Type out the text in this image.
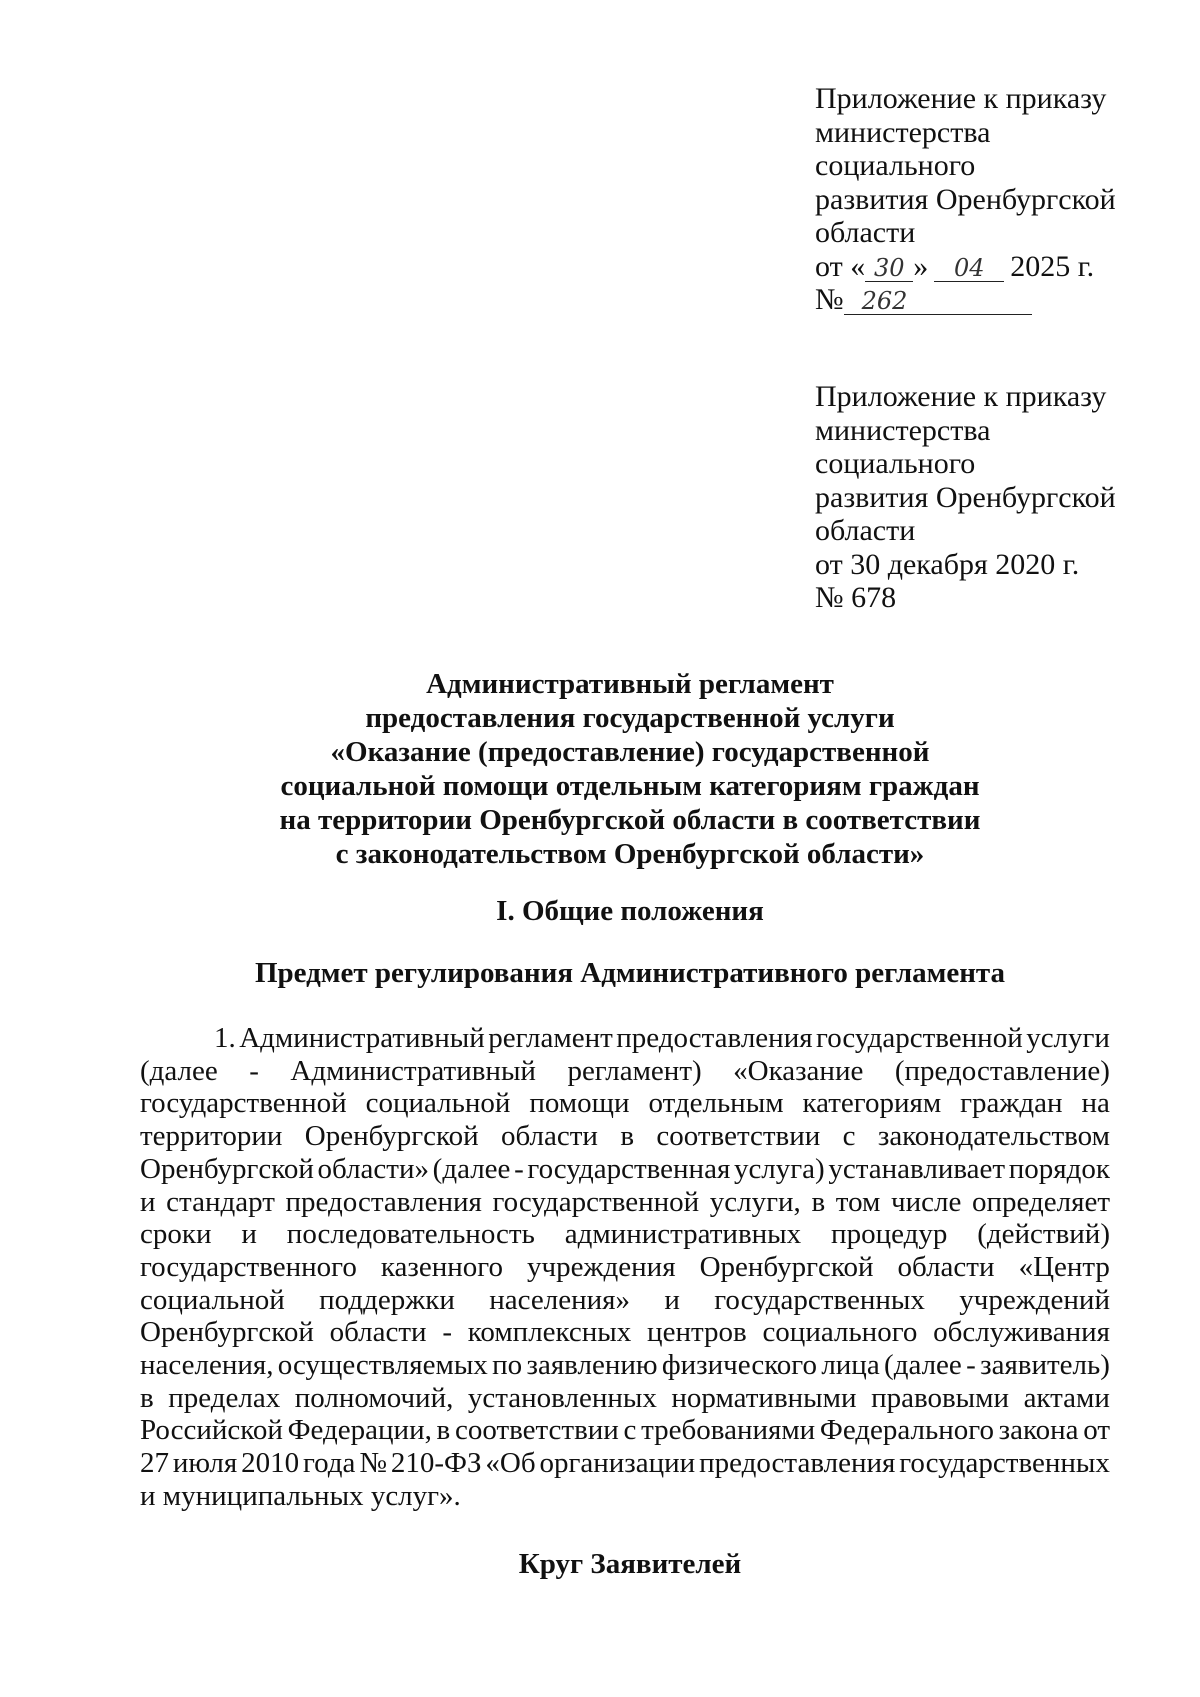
Приложение к приказу
министерства
социального
развития Оренбургской
области
от « 30 » 04 2025 г.
№ 262
Приложение к приказу
министерства
социального
развития Оренбургской
области
от 30 декабря 2020 г.
№ 678
Административный регламент
предоставления государственной услуги
«Оказание (предоставление) государственной
социальной помощи отдельным категориям граждан
на территории Оренбургской области в соответствии
с законодательством Оренбургской области»
I. Общие положения
Предмет регулирования Административного регламента
1. Административный регламент предоставления государственной услуги
(далее - Административный регламент) «Оказание (предоставление)
государственной социальной помощи отдельным категориям граждан на
территории Оренбургской области в соответствии с законодательством
Оренбургской области» (далее - государственная услуга) устанавливает порядок
и стандарт предоставления государственной услуги, в том числе определяет
сроки и последовательность административных процедур (действий)
государственного казенного учреждения Оренбургской области «Центр
социальной поддержки населения» и государственных учреждений
Оренбургской области - комплексных центров социального обслуживания
населения, осуществляемых по заявлению физического лица (далее - заявитель)
в пределах полномочий, установленных нормативными правовыми актами
Российской Федерации, в соответствии с требованиями Федерального закона от
27 июля 2010 года № 210-ФЗ «Об организации предоставления государственных
и муниципальных услуг».
Круг Заявителей
